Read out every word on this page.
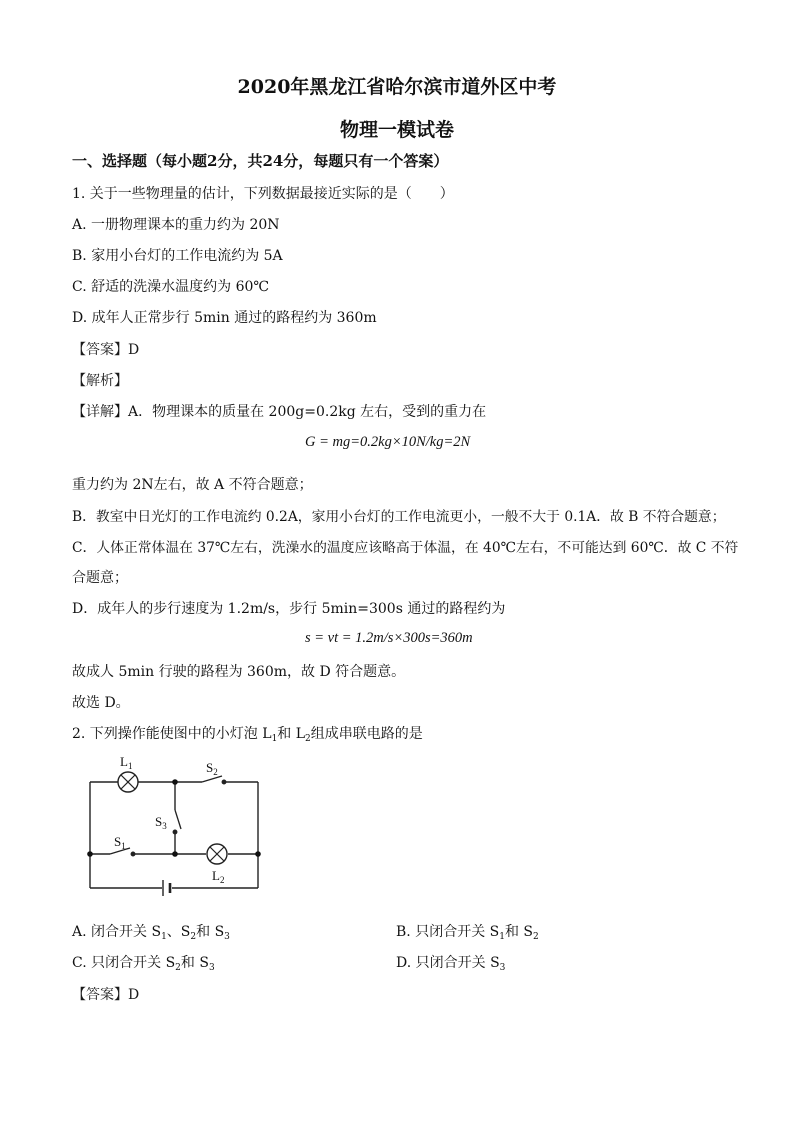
2020年黑龙江省哈尔滨市道外区中考
物理一模试卷
一、选择题（每小题2分，共24分，每题只有一个答案）
1. 关于一些物理量的估计，下列数据最接近实际的是（　　）
A. 一册物理课本的重力约为 20N
B. 家用小台灯的工作电流约为 5A
C. 舒适的洗澡水温度约为 60℃
D. 成年人正常步行 5min 通过的路程约为 360m
【答案】D
【解析】
【详解】A．物理课本的质量在 200g=0.2kg 左右，受到的重力在
G = mg=0.2kg×10N/kg=2N
重力约为 2N左右，故 A 不符合题意；
B．教室中日光灯的工作电流约 0.2A，家用小台灯的工作电流更小，一般不大于 0.1A．故 B 不符合题意；
C．人体正常体温在 37℃左右，洗澡水的温度应该略高于体温，在 40℃左右，不可能达到 60℃．故 C 不符
合题意；
D．成年人的步行速度为 1.2m/s，步行 5min=300s 通过的路程约为
s = vt = 1.2m/s×300s=360m
故成人 5min 行驶的路程为 360m，故 D 符合题意。
故选 D。
2. 下列操作能使图中的小灯泡 $L_1$和 $L_2$组成串联电路的是
$L_1$	$S_2$
$S_3$
$S_1$
$L_2$
A. 闭合开关 $S_1$、$S_2$和 $S_3$	B. 只闭合开关 $S_1$和 $S_2$
C. 只闭合开关 $S_2$和 $S_3$	D. 只闭合开关 $S_3$
【答案】D
